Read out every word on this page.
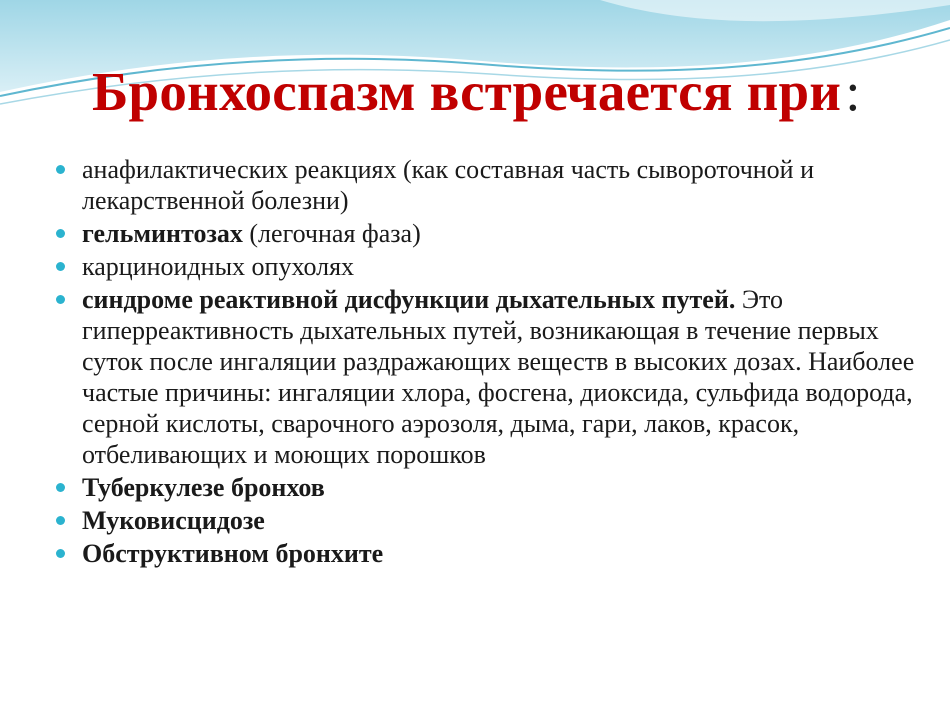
Бронхоспазм встречается при:
анафилактических реакциях (как составная часть сывороточной и лекарственной болезни)
гельминтозах (легочная фаза)
карциноидных опухолях
синдроме реактивной дисфункции дыхательных путей. Это гиперреактивность дыхательных путей, возникающая в течение первых суток после ингаляции раздражающих веществ в высоких дозах. Наиболее частые причины: ингаляции хлора, фосгена, диоксида, сульфида водорода, серной кислоты, сварочного аэрозоля, дыма, гари, лаков, красок, отбеливающих и моющих порошков
Туберкулезе бронхов
Муковисцидозе
Обструктивном бронхите
